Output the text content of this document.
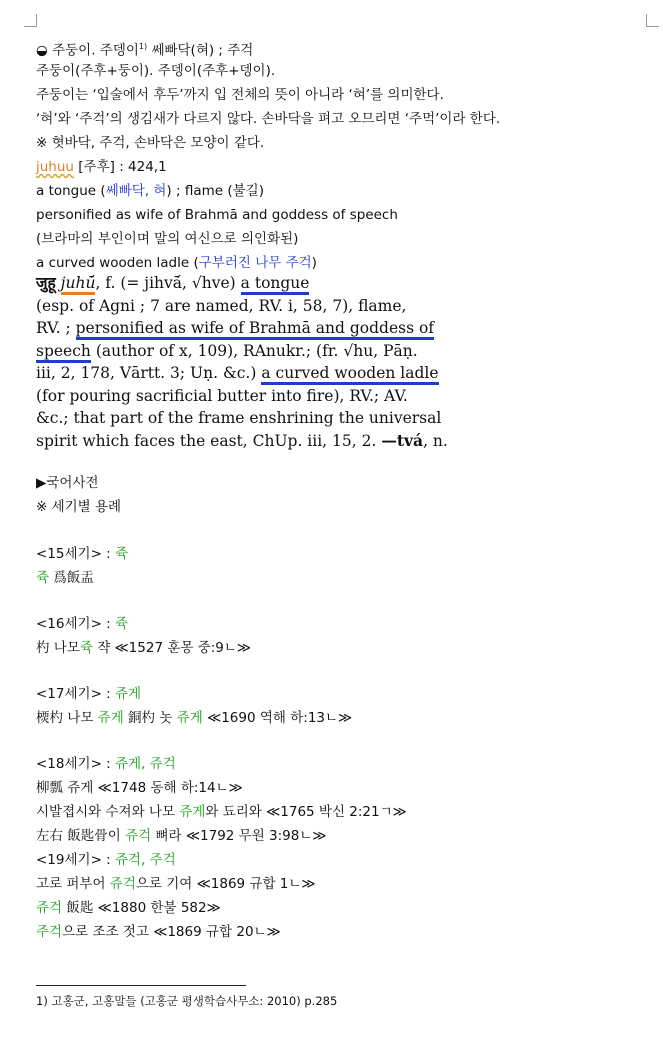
◒ 주둥이. 주뎅이$^{1)}$ 쎄빠닥(혀) ; 주걱
주둥이(주후+둥이). 주뎅이(주후+뎅이).
주둥이는 ‘입술에서 후두’까지 입 전체의 뜻이 아니라 ‘혀’를 의미한다.
‘혀’와 ‘주걱’의 생김새가 다르지 않다. 손바닥을 펴고 오므리면 ‘주먹’이라 한다.
※ 혓바닥, 주걱, 손바닥은 모양이 같다.
juhuu [주후] : 424,1
a tongue (쎄빠닥, 혀) ; flame (불길)
personified as wife of Brahmā and goddess of speech
(브라마의 부인이며 말의 여신으로 의인화된)
a curved wooden ladle (구부러진 나무 주걱)
जुहू juhū́, f. (= jihvā́, √hve) a tongue
(esp. of Agni ; 7 are named, RV. i, 58, 7), flame,
RV. ; personified as wife of Brahmā and goddess of
speech (author of x, 109), RAnukr.; (fr. √hu, Pāṇ.
iii, 2, 178, Vārtt. 3; Uṇ. &c.) a curved wooden ladle
(for pouring sacrificial butter into fire), RV.; AV.
&c.; that part of the frame enshrining the universal
spirit which faces the east, ChUp. iii, 15, 2. —tvá, n.
▶국어사전
※ 세기별 용례
<15세기> : 쥭
쥭 爲飯盂
<16세기> : 쥭
杓 나모쥭 쟉 ≪1527 훈몽 중:9ㄴ≫
<17세기> : 쥬게
樮杓 나모 쥬게 銅杓 놋 쥬게 ≪1690 역해 하:13ㄴ≫
<18세기> : 쥬게, 쥬걱
柳瓢 쥬게 ≪1748 동해 하:14ㄴ≫
시발졉시와 수져와 나모 쥬게와 됴리와 ≪1765 박신 2:21ㄱ≫
左右 飯匙骨이 쥬걱 뼈라 ≪1792 무원 3:98ㄴ≫
<19세기> : 쥬걱, 주걱
고로 퍼부어 쥬걱으로 기여 ≪1869 규합 1ㄴ≫
쥬걱 飯匙 ≪1880 한불 582≫
주걱으로 조조 젓고 ≪1869 규합 20ㄴ≫
1) 고홍군, 고홍말들 (고홍군 평생학습사무소: 2010) p.285
